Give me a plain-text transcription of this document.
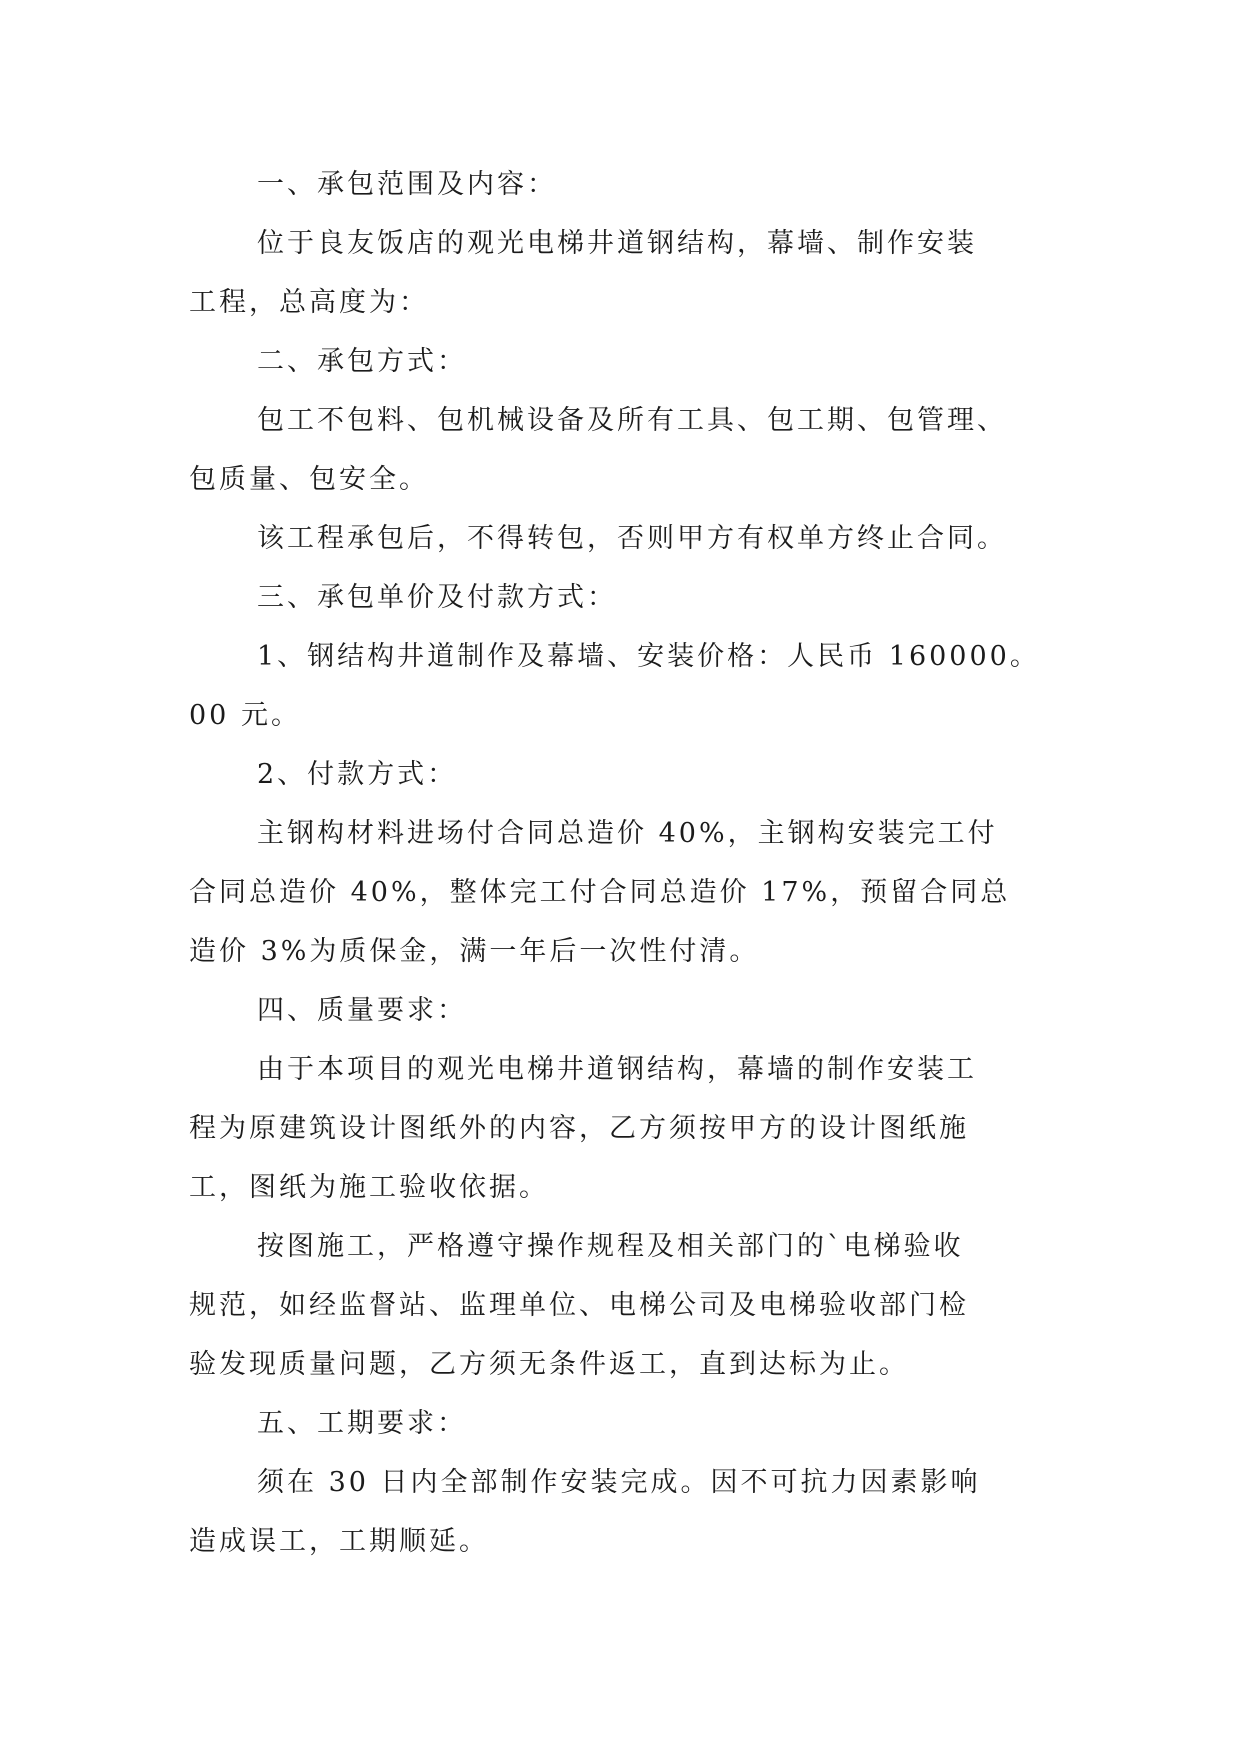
一、承包范围及内容：

位于良友饭店的观光电梯井道钢结构，幕墙、制作安装

工程，总高度为：

二、承包方式：

包工不包料、包机械设备及所有工具、包工期、包管理、

包质量、包安全。

该工程承包后，不得转包，否则甲方有权单方终止合同。

三、承包单价及付款方式：

1、钢结构井道制作及幕墙、安装价格：人民币 160000。

00 元。

2、付款方式：

主钢构材料进场付合同总造价 40%，主钢构安装完工付

合同总造价 40%，整体完工付合同总造价 17%，预留合同总

造价 3%为质保金，满一年后一次性付清。

四、质量要求：

由于本项目的观光电梯井道钢结构，幕墙的制作安装工

程为原建筑设计图纸外的内容，乙方须按甲方的设计图纸施

工，图纸为施工验收依据。

按图施工，严格遵守操作规程及相关部门的`电梯验收

规范，如经监督站、监理单位、电梯公司及电梯验收部门检

验发现质量问题，乙方须无条件返工，直到达标为止。

五、工期要求：

须在 30 日内全部制作安装完成。因不可抗力因素影响

造成误工，工期顺延。
